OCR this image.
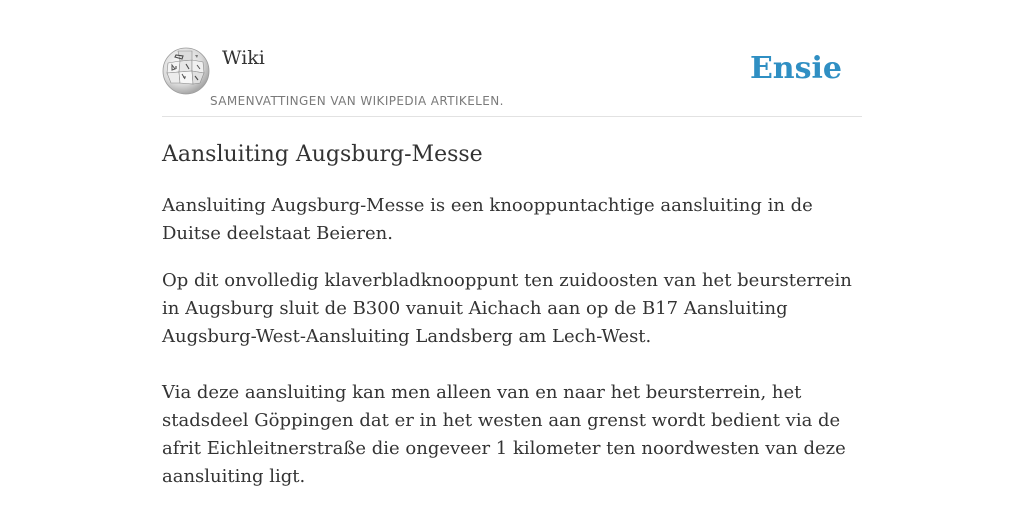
Wiki
SAMENVATTINGEN VAN WIKIPEDIA ARTIKELEN.
Ensie
Aansluiting Augsburg-Messe

Aansluiting Augsburg-Messe is een knooppuntachtige aansluiting in de Duitse deelstaat Beieren.

Op dit onvolledig klaverbladknooppunt ten zuidoosten van het beursterrein in Augsburg sluit de B300 vanuit Aichach aan op de B17 Aansluiting Augsburg-West-Aansluiting Landsberg am Lech-West.

Via deze aansluiting kan men alleen van en naar het beursterrein, het stadsdeel Göppingen dat er in het westen aan grenst wordt bedient via de afrit Eichleitnerstraße die ongeveer 1 kilometer ten noordwesten van deze aansluiting ligt.
